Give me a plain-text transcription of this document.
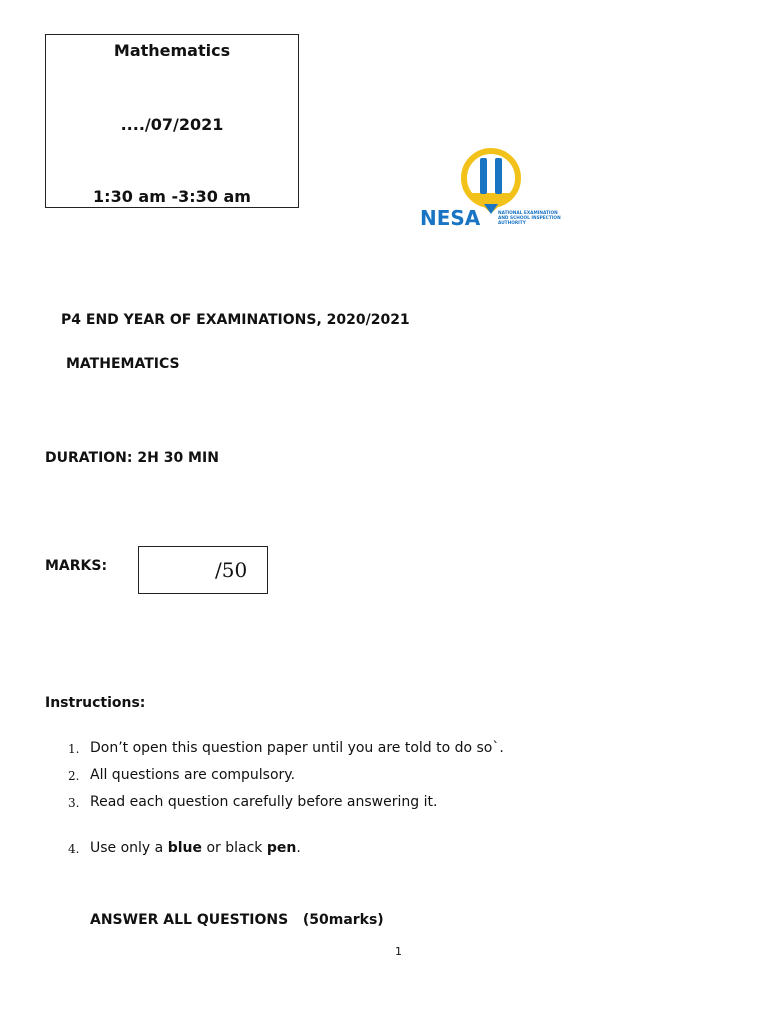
Mathematics
..../07/2021
1:30 am -3:30 am
NESA	NATIONAL EXAMINATION
AND SCHOOL INSPECTION
AUTHORITY
P4 END YEAR OF EXAMINATIONS, 2020/2021
MATHEMATICS
DURATION: 2H 30 MIN
MARKS:	/50
Instructions:
1. Don’t open this question paper until you are told to do so`.
2. All questions are compulsory.
3. Read each question carefully before answering it.
4. Use only a blue or black pen.
ANSWER ALL QUESTIONS   (50marks)
1
